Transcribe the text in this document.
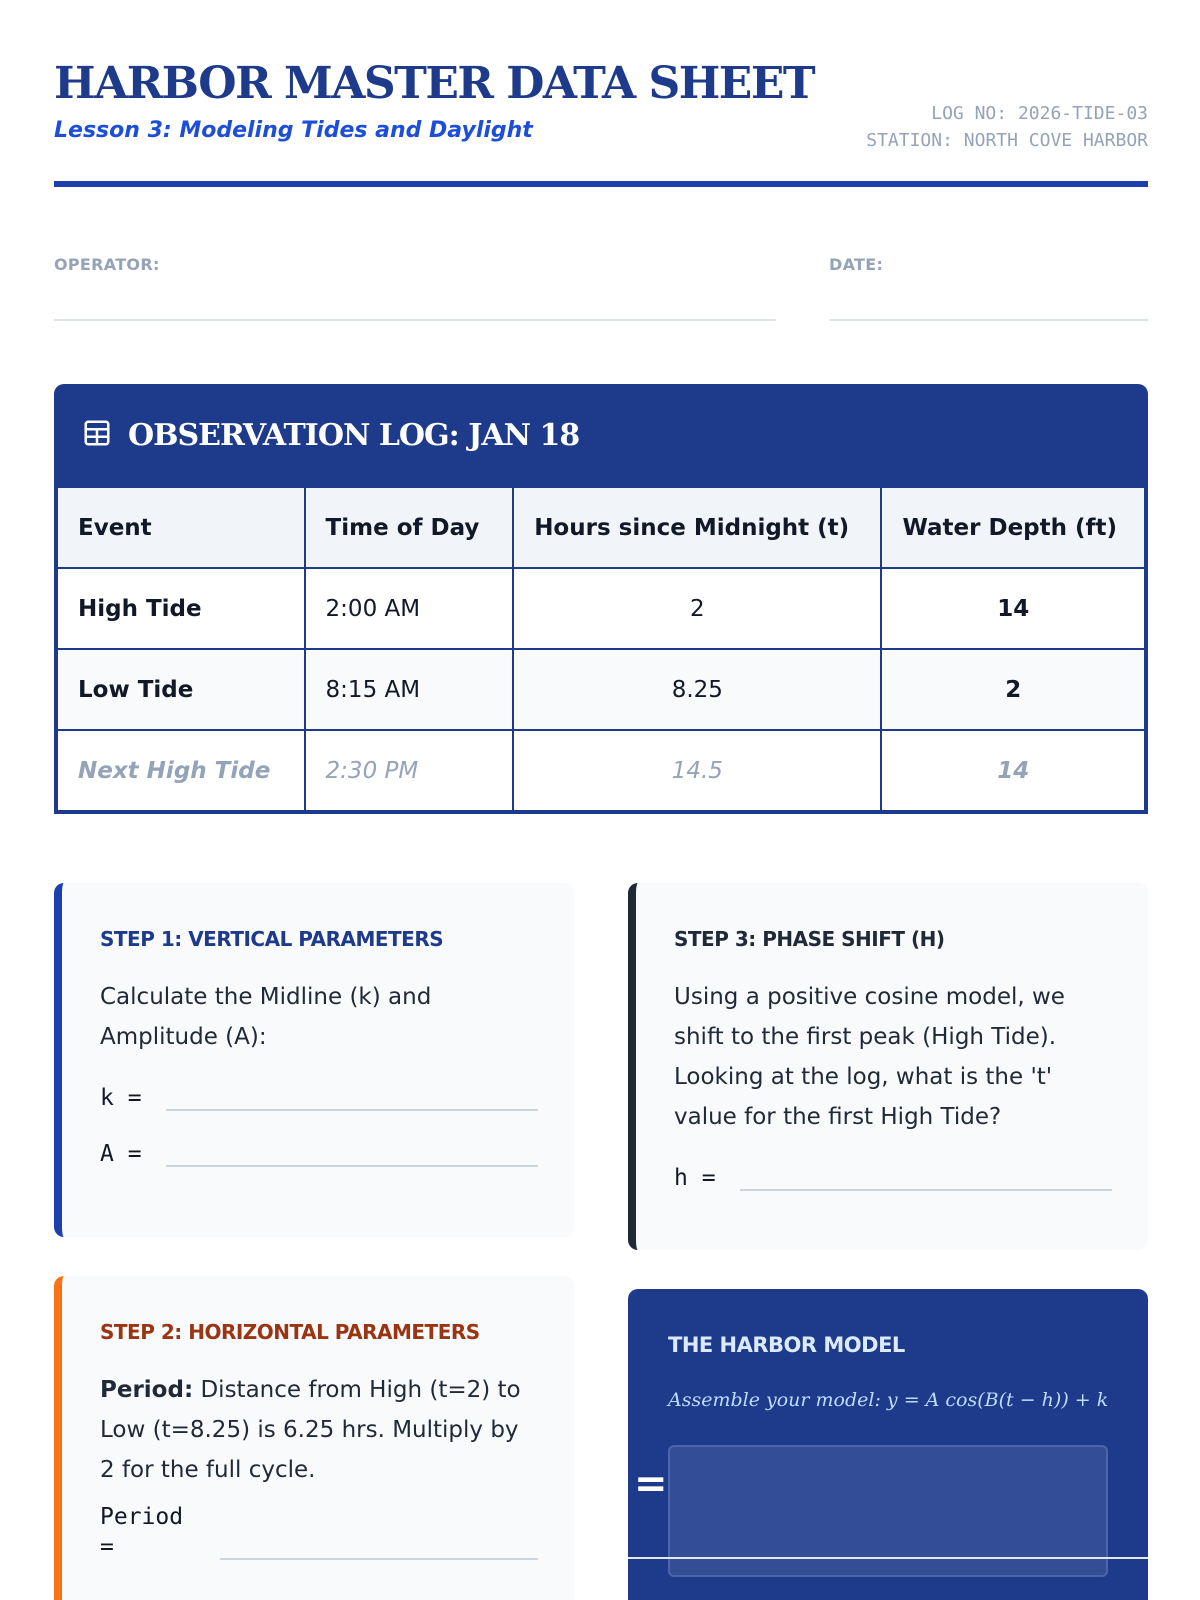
HARBOR MASTER DATA SHEET
Lesson 3: Modeling Tides and Daylight
LOG NO: 2026-TIDE-03
STATION: NORTH COVE HARBOR
OPERATOR:	DATE:
OBSERVATION LOG: JAN 18
Event	Time of Day	Hours since Midnight (t)	Water Depth (ft)
High Tide	2:00 AM	2	14
Low Tide	8:15 AM	8.25	2
Next High Tide	2:30 PM	14.5	14
STEP 1: VERTICAL PARAMETERS
Calculate the Midline (k) and Amplitude (A):
k =
A =
STEP 3: PHASE SHIFT (H)
Using a positive cosine model, we shift to the first peak (High Tide). Looking at the log, what is the 't' value for the first High Tide?
h =
STEP 2: HORIZONTAL PARAMETERS
Period: Distance from High (t=2) to Low (t=8.25) is 6.25 hrs. Multiply by 2 for the full cycle.
Period
=
THE HARBOR MODEL
Assemble your model: y = A cos(B(t − h)) + k
=
